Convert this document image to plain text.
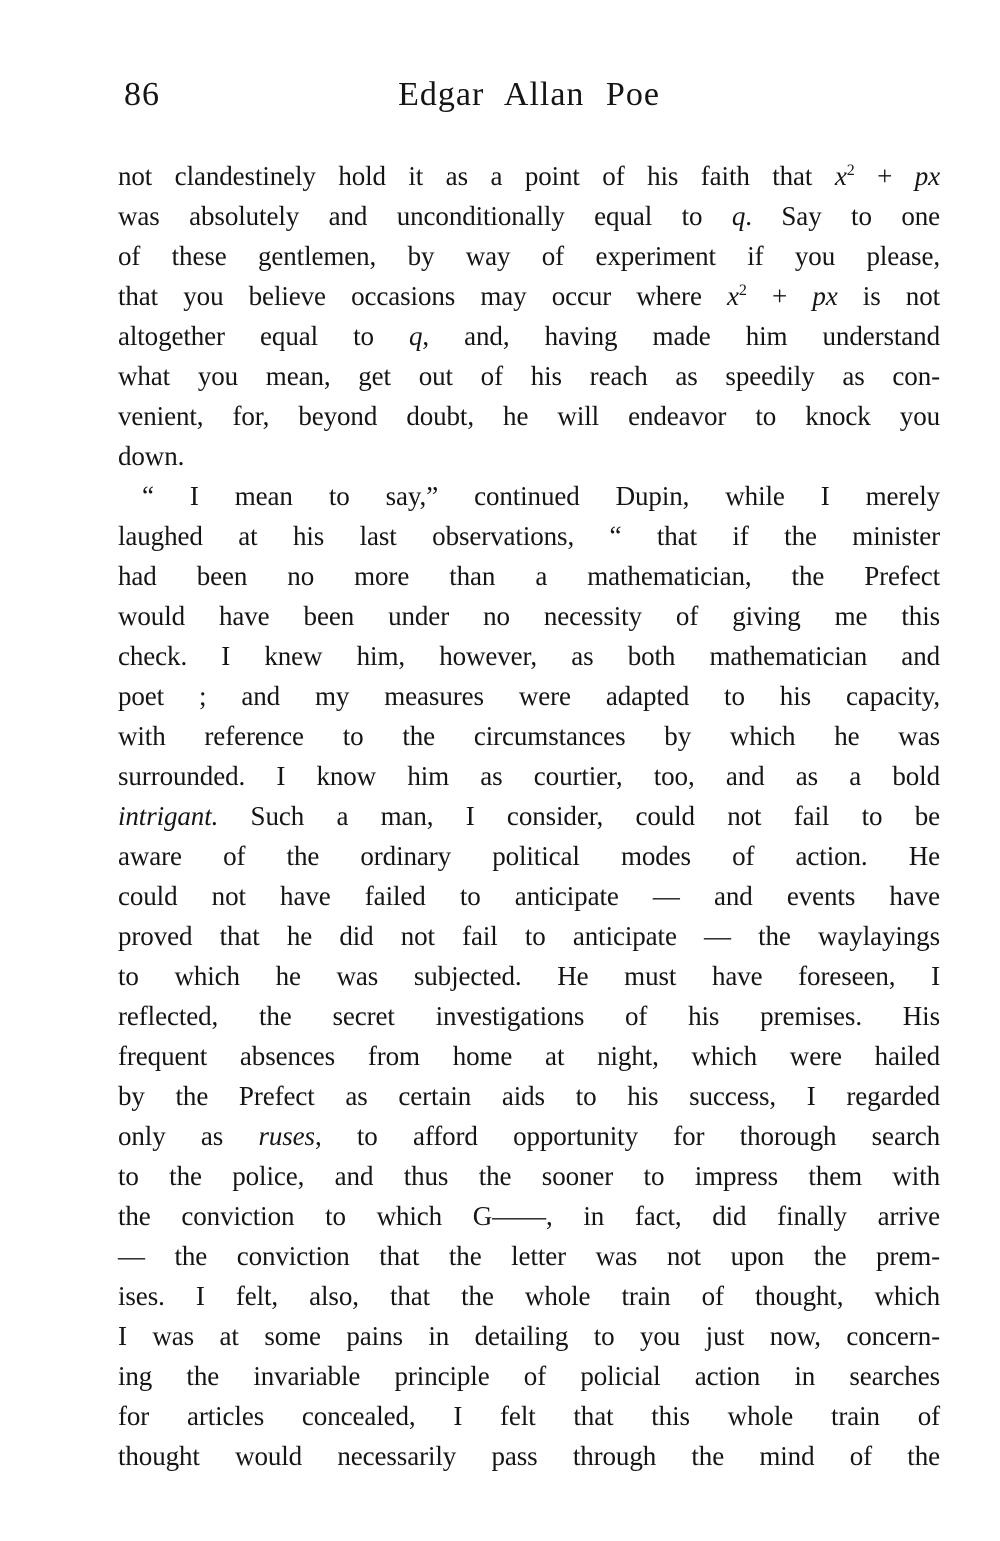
86	Edgar Allan Poe
not clandestinely hold it as a point of his faith that $x^2$ + px
was absolutely and unconditionally equal to q. Say to one
of these gentlemen, by way of experiment if you please,
that you believe occasions may occur where $x^2$ + px is not
altogether equal to q, and, having made him understand
what you mean, get out of his reach as speedily as con-
venient, for, beyond doubt, he will endeavor to knock you
down.
“ I mean to say,” continued Dupin, while I merely
laughed at his last observations, “ that if the minister
had been no more than a mathematician, the Prefect
would have been under no necessity of giving me this
check. I knew him, however, as both mathematician and
poet ; and my measures were adapted to his capacity,
with reference to the circumstances by which he was
surrounded. I know him as courtier, too, and as a bold
intrigant. Such a man, I consider, could not fail to be
aware of the ordinary political modes of action. He
could not have failed to anticipate — and events have
proved that he did not fail to anticipate — the waylayings
to which he was subjected. He must have foreseen, I
reflected, the secret investigations of his premises. His
frequent absences from home at night, which were hailed
by the Prefect as certain aids to his success, I regarded
only as ruses, to afford opportunity for thorough search
to the police, and thus the sooner to impress them with
the conviction to which G——, in fact, did finally arrive
— the conviction that the letter was not upon the prem-
ises. I felt, also, that the whole train of thought, which
I was at some pains in detailing to you just now, concern-
ing the invariable principle of policial action in searches
for articles concealed, I felt that this whole train of
thought would necessarily pass through the mind of the
